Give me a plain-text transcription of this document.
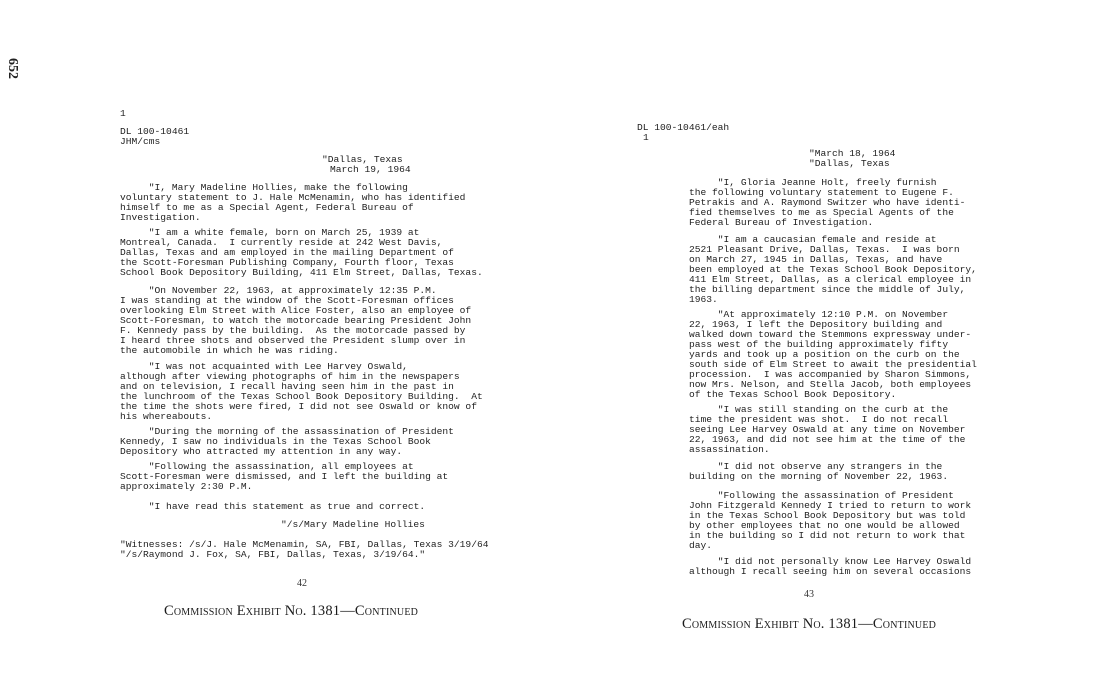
652
1
DL 100-10461
JHM/cms
"Dallas, Texas
March 19, 1964

"I, Mary Madeline Hollies, make the following
voluntary statement to J. Hale McMenamin, who has identified
himself to me as a Special Agent, Federal Bureau of
Investigation.

"I am a white female, born on March 25, 1939 at
Montreal, Canada.  I currently reside at 242 West Davis,
Dallas, Texas and am employed in the mailing Department of
the Scott-Foresman Publishing Company, Fourth floor, Texas
School Book Depository Building, 411 Elm Street, Dallas, Texas.

"On November 22, 1963, at approximately 12:35 P.M.
I was standing at the window of the Scott-Foresman offices
overlooking Elm Street with Alice Foster, also an employee of
Scott-Foresman, to watch the motorcade bearing President John
F. Kennedy pass by the building.  As the motorcade passed by
I heard three shots and observed the President slump over in
the automobile in which he was riding.

"I was not acquainted with Lee Harvey Oswald,
although after viewing photographs of him in the newspapers
and on television, I recall having seen him in the past in
the lunchroom of the Texas School Book Depository Building.  At
the time the shots were fired, I did not see Oswald or know of
his whereabouts.

"During the morning of the assassination of President
Kennedy, I saw no individuals in the Texas School Book
Depository who attracted my attention in any way.

"Following the assassination, all employees at
Scott-Foresman were dismissed, and I left the building at
approximately 2:30 P.M.

"I have read this statement as true and correct.

"/s/Mary Madeline Hollies
"Witnesses: /s/J. Hale McMenamin, SA, FBI, Dallas, Texas 3/19/64
"/s/Raymond J. Fox, SA, FBI, Dallas, Texas, 3/19/64."
42
Commission Exhibit No. 1381—Continued
DL 100-10461/eah
1
"March 18, 1964
"Dallas, Texas

"I, Gloria Jeanne Holt, freely furnish
the following voluntary statement to Eugene F.
Petrakis and A. Raymond Switzer who have identi-
fied themselves to me as Special Agents of the
Federal Bureau of Investigation.

"I am a caucasian female and reside at
2521 Pleasant Drive, Dallas, Texas.  I was born
on March 27, 1945 in Dallas, Texas, and have
been employed at the Texas School Book Depository,
411 Elm Street, Dallas, as a clerical employee in
the billing department since the middle of July,
1963.

"At approximately 12:10 P.M. on November
22, 1963, I left the Depository building and
walked down toward the Stemmons expressway under-
pass west of the building approximately fifty
yards and took up a position on the curb on the
south side of Elm Street to await the presidential
procession.  I was accompanied by Sharon Simmons,
now Mrs. Nelson, and Stella Jacob, both employees
of the Texas School Book Depository.

"I was still standing on the curb at the
time the president was shot.  I do not recall
seeing Lee Harvey Oswald at any time on November
22, 1963, and did not see him at the time of the
assassination.

"I did not observe any strangers in the
building on the morning of November 22, 1963.

"Following the assassination of President
John Fitzgerald Kennedy I tried to return to work
in the Texas School Book Depository but was told
by other employees that no one would be allowed
in the building so I did not return to work that
day.

"I did not personally know Lee Harvey Oswald
although I recall seeing him on several occasions

43
Commission Exhibit No. 1381—Continued
